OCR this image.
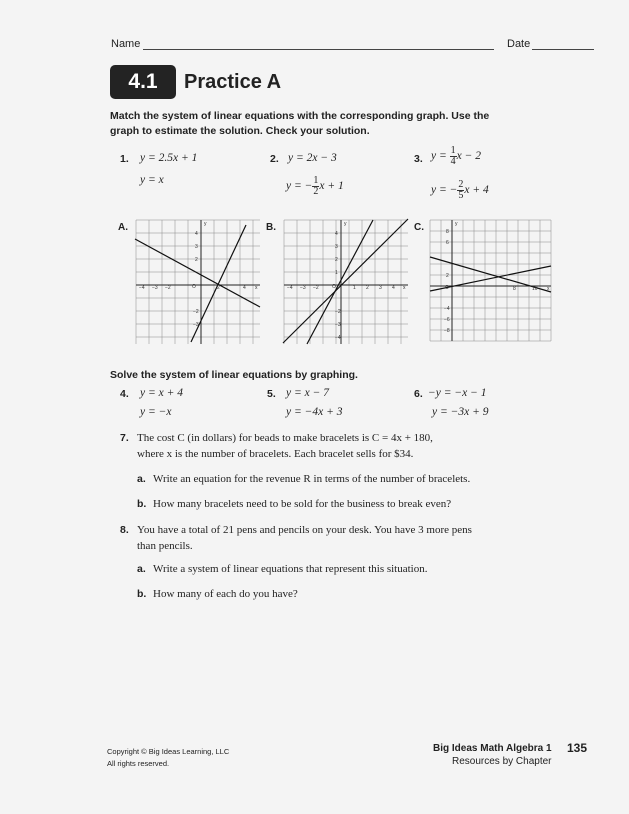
Name	Date
4.1	Practice A
Match the system of linear equations with the corresponding graph. Use the graph to estimate the solution. Check your solution.
1. y = 2.5x + 1
y = x
2. y = 2x − 3
y = − $\frac{1}{2}$ x + 1
3. $y = \frac{1}{4}$ x − 2
y = − $\frac{2}{5}$ x + 4
A.	B.	C.
O
−4 −3 −2	2	4 x
4
3
2
−2
−3
y
O
−4 −3 −2	1 2 3 4 x
4
3
2
1
−2
−3
−4
y
O	8	10 x
8
6
2
−4
−6
−8
y
Solve the system of linear equations by graphing.
4. y = x + 4
y = −x
5. y = x − 7
y = −4x + 3
6. −y = −x − 1
y = −3x + 9
7. The cost C (in dollars) for beads to make bracelets is C = 4x + 180,
where x is the number of bracelets. Each bracelet sells for $34.
a. Write an equation for the revenue R in terms of the number of bracelets.
b. How many bracelets need to be sold for the business to break even?
8. You have a total of 21 pens and pencils on your desk. You have 3 more pens
than pencils.
a. Write a system of linear equations that represent this situation.
b. How many of each do you have?
Copyright © Big Ideas Learning, LLC
All rights reserved.
Big Ideas Math Algebra 1
Resources by Chapter
135
